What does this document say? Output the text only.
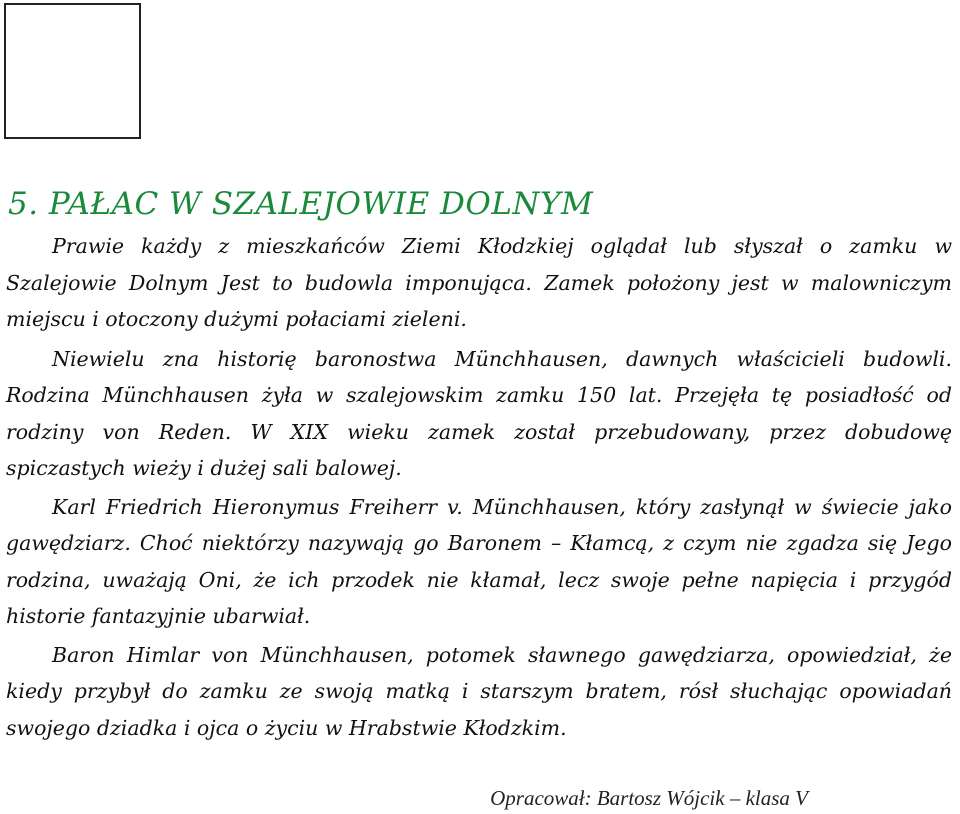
5. PAŁAC W SZALEJOWIE DOLNYM

Prawie każdy z mieszkańców Ziemi Kłodzkiej oglądał lub słyszał o zamku w Szalejowie Dolnym Jest to budowla imponująca. Zamek położony jest w malowniczym miejscu i otoczony dużymi połaciami zieleni.

Niewielu zna historię baronostwa Münchhausen, dawnych właścicieli budowli. Rodzina Münchhausen żyła w szalejowskim zamku 150 lat. Przejęła tę posiadłość od rodziny von Reden. W XIX wieku zamek został przebudowany, przez dobudowę spiczastych wieży i dużej sali balowej.

Karl Friedrich Hieronymus Freiherr v. Münchhausen, który zasłynął w świecie jako gawędziarz. Choć niektórzy nazywają go Baronem – Kłamcą, z czym nie zgadza się Jego rodzina, uważają Oni, że ich przodek nie kłamał, lecz swoje pełne napięcia i przygód historie fantazyjnie ubarwiał.

Baron Himlar von Münchhausen, potomek sławnego gawędziarza, opowiedział, że kiedy przybył do zamku ze swoją matką i starszym bratem, rósł słuchając opowiadań swojego dziadka i ojca o życiu w Hrabstwie Kłodzkim.

Opracował: Bartosz Wójcik – klasa V
